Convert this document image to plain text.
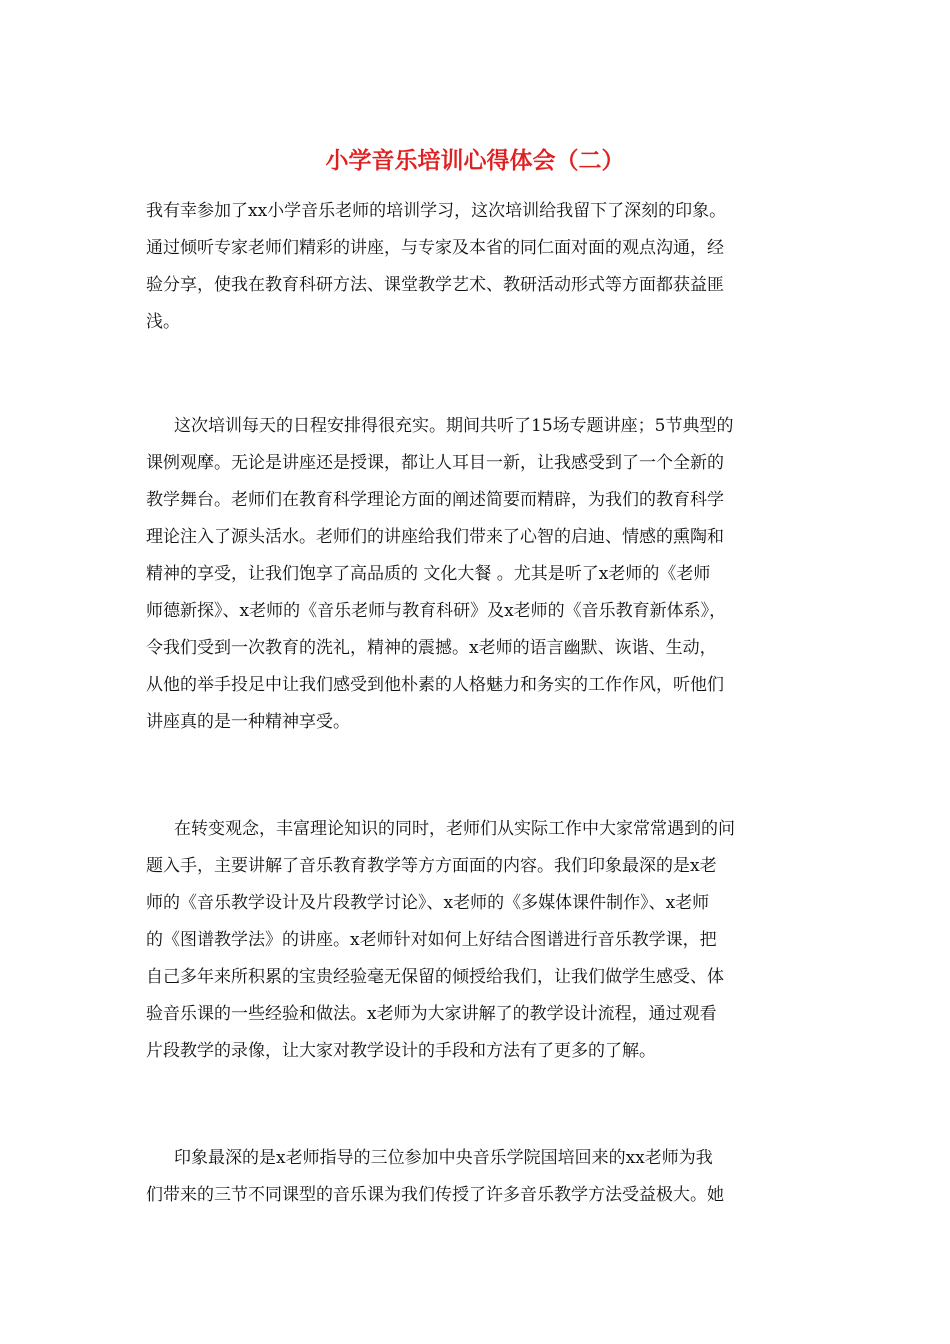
小学音乐培训心得体会（二）
我有幸参加了xx小学音乐老师的培训学习，这次培训给我留下了深刻的印象。
通过倾听专家老师们精彩的讲座，与专家及本省的同仁面对面的观点沟通，经
验分享，使我在教育科研方法、课堂教学艺术、教研活动形式等方面都获益匪
浅。
这次培训每天的日程安排得很充实。期间共听了15场专题讲座；5节典型的
课例观摩。无论是讲座还是授课，都让人耳目一新，让我感受到了一个全新的
教学舞台。老师们在教育科学理论方面的阐述简要而精辟，为我们的教育科学
理论注入了源头活水。老师们的讲座给我们带来了心智的启迪、情感的熏陶和
精神的享受，让我们饱享了高品质的 文化大餐 。尤其是听了x老师的《老师
师德新探》、x老师的《音乐老师与教育科研》及x老师的《音乐教育新体系》，
令我们受到一次教育的洗礼，精神的震撼。x老师的语言幽默、诙谐、生动，
从他的举手投足中让我们感受到他朴素的人格魅力和务实的工作作风，听他们
讲座真的是一种精神享受。
在转变观念，丰富理论知识的同时，老师们从实际工作中大家常常遇到的问
题入手，主要讲解了音乐教育教学等方方面面的内容。我们印象最深的是x老
师的《音乐教学设计及片段教学讨论》、x老师的《多媒体课件制作》、x老师
的《图谱教学法》的讲座。x老师针对如何上好结合图谱进行音乐教学课，把
自己多年来所积累的宝贵经验毫无保留的倾授给我们，让我们做学生感受、体
验音乐课的一些经验和做法。x老师为大家讲解了的教学设计流程，通过观看
片段教学的录像，让大家对教学设计的手段和方法有了更多的了解。
印象最深的是x老师指导的三位参加中央音乐学院国培回来的xx老师为我
们带来的三节不同课型的音乐课为我们传授了许多音乐教学方法受益极大。她
